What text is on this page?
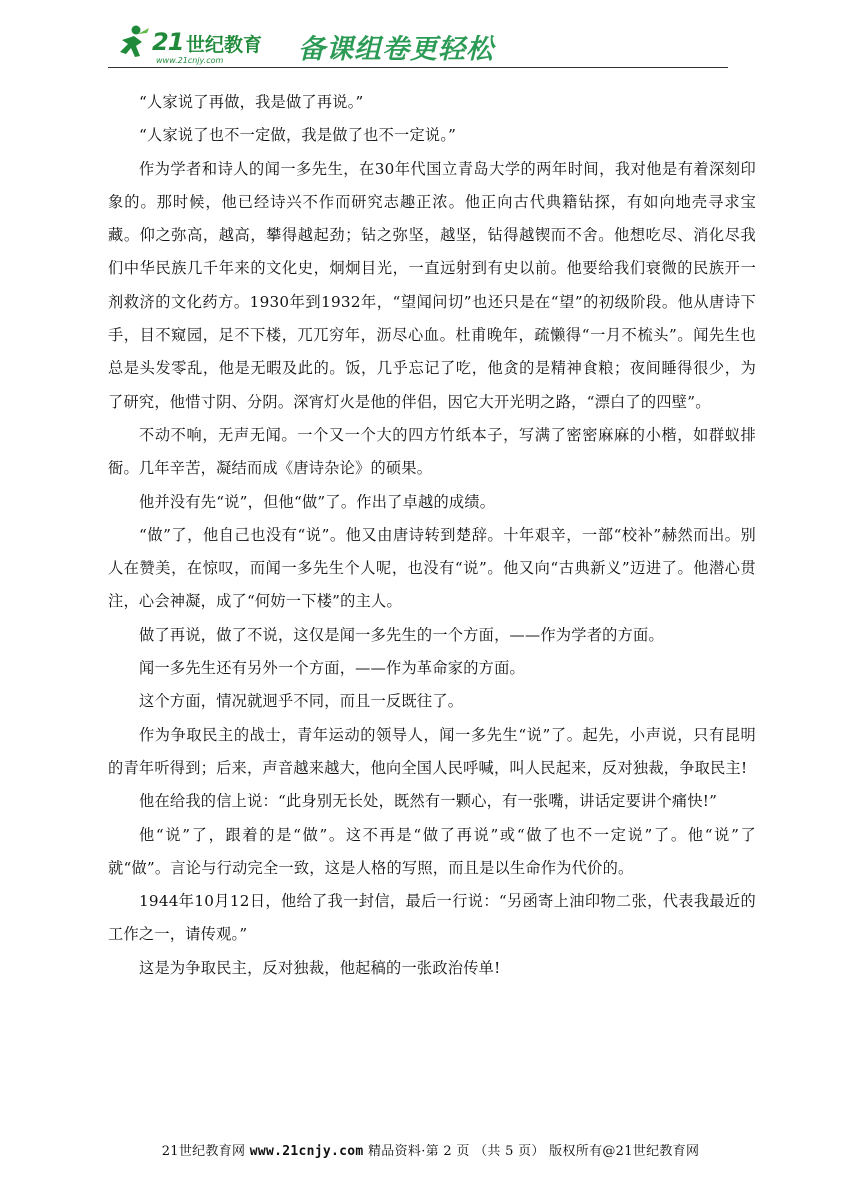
21 世纪教育
www.21cnjy.com	备课组卷更轻松

“人家说了再做，我是做了再说。”

“人家说了也不一定做，我是做了也不一定说。”

作为学者和诗人的闻一多先生，在30年代国立青岛大学的两年时间，我对他是有着深刻印象的。那时候，他已经诗兴不作而研究志趣正浓。他正向古代典籍钻探，有如向地壳寻求宝藏。仰之弥高，越高，攀得越起劲；钻之弥坚，越坚，钻得越锲而不舍。他想吃尽、消化尽我们中华民族几千年来的文化史，炯炯目光，一直远射到有史以前。他要给我们衰微的民族开一剂救济的文化药方。1930年到1932年，“望闻问切”也还只是在“望”的初级阶段。他从唐诗下手，目不窥园，足不下楼，兀兀穷年，沥尽心血。杜甫晚年，疏懒得“一月不梳头”。闻先生也总是头发零乱，他是无暇及此的。饭，几乎忘记了吃，他贪的是精神食粮；夜间睡得很少，为了研究，他惜寸阴、分阴。深宵灯火是他的伴侣，因它大开光明之路，“漂白了的四壁”。

不动不响，无声无闻。一个又一个大的四方竹纸本子，写满了密密麻麻的小楷，如群蚁排衙。几年辛苦，凝结而成《唐诗杂论》的硕果。

他并没有先“说”，但他“做”了。作出了卓越的成绩。

“做”了，他自己也没有“说”。他又由唐诗转到楚辞。十年艰辛，一部“校补”赫然而出。别人在赞美，在惊叹，而闻一多先生个人呢，也没有“说”。他又向“古典新义”迈进了。他潜心贯注，心会神凝，成了“何妨一下楼”的主人。

做了再说，做了不说，这仅是闻一多先生的一个方面，——作为学者的方面。

闻一多先生还有另外一个方面，——作为革命家的方面。

这个方面，情况就迥乎不同，而且一反既往了。

作为争取民主的战士，青年运动的领导人，闻一多先生“说”了。起先，小声说，只有昆明的青年听得到；后来，声音越来越大，他向全国人民呼喊，叫人民起来，反对独裁，争取民主!

他在给我的信上说：“此身别无长处，既然有一颗心，有一张嘴，讲话定要讲个痛快!”

他“说”了，跟着的是“做”。这不再是“做了再说”或“做了也不一定说”了。他“说”了就“做”。言论与行动完全一致，这是人格的写照，而且是以生命作为代价的。

1944年10月12日，他给了我一封信，最后一行说：“另函寄上油印物二张，代表我最近的工作之一，请传观。”

这是为争取民主，反对独裁，他起稿的一张政治传单!

21世纪教育网 www.21cnjy.com 精品资料·第 2 页 （共 5 页） 版权所有@21世纪教育网
